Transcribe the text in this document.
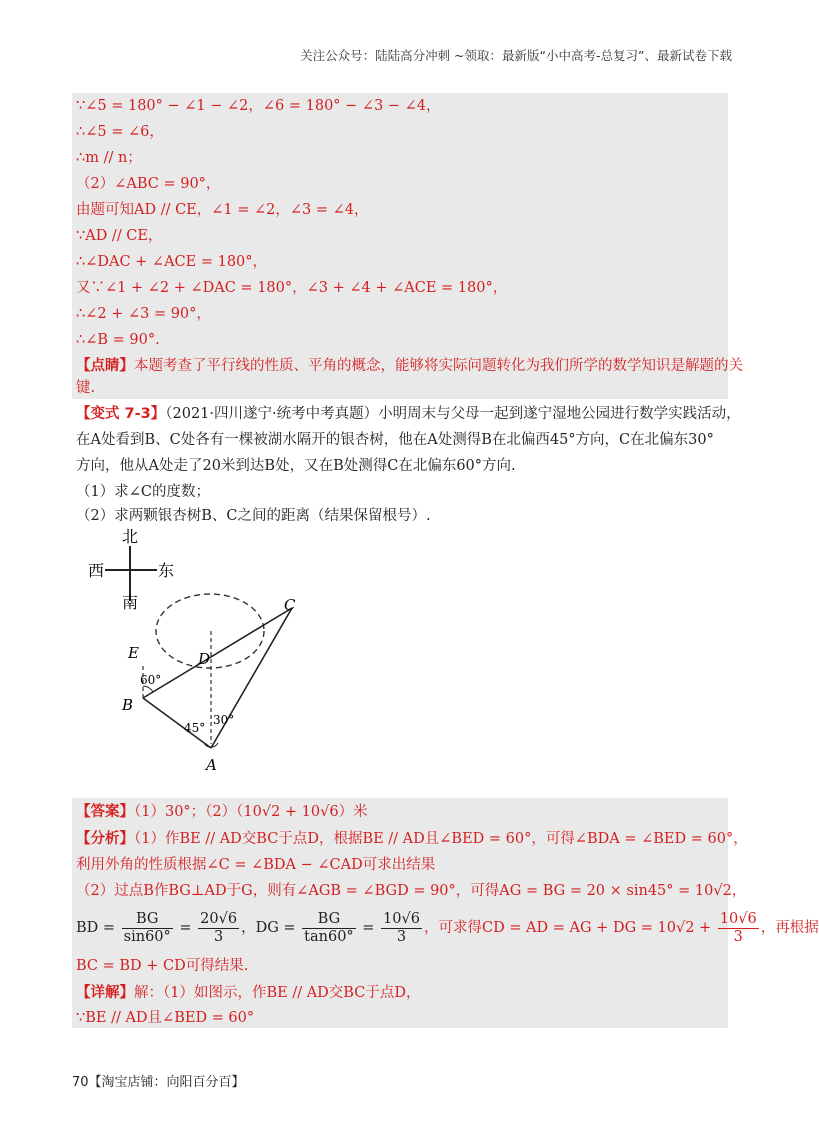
关注公众号：陆陆高分冲刺 ~领取：最新版“小中高考-总复习”、最新试卷下载
∵∠5 = 180° − ∠1 − ∠2，∠6 = 180° − ∠3 − ∠4，
∴∠5 = ∠6，
∴m // n；
（2）∠ABC = 90°，
由题可知AD // CE，∠1 = ∠2，∠3 = ∠4，
∵AD // CE，
∴∠DAC + ∠ACE = 180°，
又∵∠1 + ∠2 + ∠DAC = 180°，∠3 + ∠4 + ∠ACE = 180°，
∴∠2 + ∠3 = 90°，
∴∠B = 90°.
【点睛】本题考查了平行线的性质、平角的概念，能够将实际问题转化为我们所学的数学知识是解题的关
键.
【变式 7-3】（2021·四川遂宁·统考中考真题）小明周末与父母一起到遂宁湿地公园进行数学实践活动，
在A处看到B、C处各有一棵被湖水隔开的银杏树，他在A处测得B在北偏西45°方向，C在北偏东30°
方向，他从A处走了20米到达B处，又在B处测得C在北偏东60°方向.
（1）求∠C的度数；
（2）求两颗银杏树B、C之间的距离（结果保留根号）.
北
南
西	东
C
D
E
B
A
60°
45°
30°
【答案】（1）30°；（2）（10√2 + 10√6）米
【分析】（1）作BE // AD交BC于点D，根据BE // AD且∠BED = 60°，可得∠BDA = ∠BED = 60°，
利用外角的性质根据∠C = ∠BDA − ∠CAD可求出结果
（2）过点B作BG⊥AD于G，则有∠AGB = ∠BGD = 90°，可得AG = BG = 20 × sin45° = 10√2，
BD = $\frac{BG}{\sin 60^\circ} = \frac{20√6}{3}$ ，DG = $\frac{BG}{\tan 60^\circ} = \frac{10√6}{3}$ ，可求得CD = AD = AG + DG = $10√2 + \frac{10√6}{3}$ ，再根据
BC = BD + CD可得结果.
【详解】解：（1）如图示，作BE // AD交BC于点D，
∵BE // AD且∠BED = 60°
70【淘宝店铺：向阳百分百】
